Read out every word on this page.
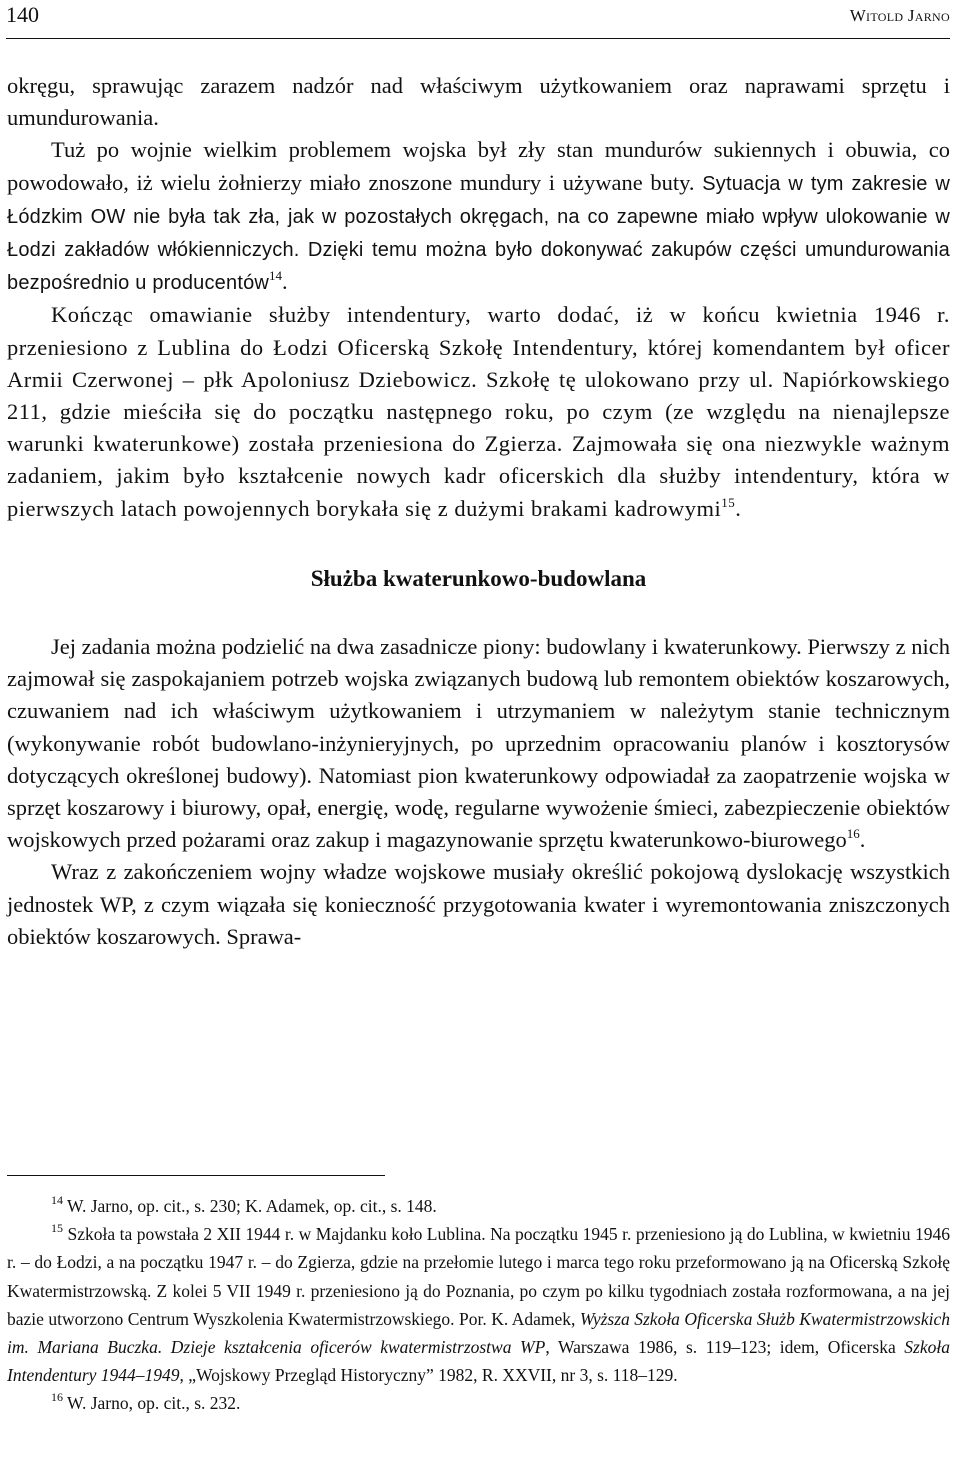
140	Witold Jarno

okręgu, sprawując zarazem nadzór nad właściwym użytkowaniem oraz naprawami sprzętu i umundurowania.

Tuż po wojnie wielkim problemem wojska był zły stan mundurów sukiennych i obuwia, co powodowało, iż wielu żołnierzy miało znoszone mundury i używane buty. Sytuacja w tym zakresie w Łódzkim OW nie była tak zła, jak w pozostałych okręgach, na co zapewne miało wpływ ulokowanie w Łodzi zakładów włókienniczych. Dzięki temu można było dokonywać zakupów części umundurowania bezpośrednio u producentów$^{14}$.

Kończąc omawianie służby intendentury, warto dodać, iż w końcu kwietnia 1946 r. przeniesiono z Lublina do Łodzi Oficerską Szkołę Intendentury, której komendantem był oficer Armii Czerwonej – płk Apoloniusz Dziebowicz. Szkołę tę ulokowano przy ul. Napiórkowskiego 211, gdzie mieściła się do początku następnego roku, po czym (ze względu na nienajlepsze warunki kwaterunkowe) została przeniesiona do Zgierza. Zajmowała się ona niezwykle ważnym zadaniem, jakim było kształcenie nowych kadr oficerskich dla służby intendentury, która w pierwszych latach powojennych borykała się z dużymi brakami kadrowymi$^{15}$.

Służba kwaterunkowo-budowlana

Jej zadania można podzielić na dwa zasadnicze piony: budowlany i kwaterunkowy. Pierwszy z nich zajmował się zaspokajaniem potrzeb wojska związanych budową lub remontem obiektów koszarowych, czuwaniem nad ich właściwym użytkowaniem i utrzymaniem w należytym stanie technicznym (wykonywanie robót budowlano-inżynieryjnych, po uprzednim opracowaniu planów i kosztorysów dotyczących określonej budowy). Natomiast pion kwaterunkowy odpowiadał za zaopatrzenie wojska w sprzęt koszarowy i biurowy, opał, energię, wodę, regularne wywożenie śmieci, zabezpieczenie obiektów wojskowych przed pożarami oraz zakup i magazynowanie sprzętu kwaterunkowo-biurowego$^{16}$.

Wraz z zakończeniem wojny władze wojskowe musiały określić pokojową dyslokację wszystkich jednostek WP, z czym wiązała się konieczność przygotowania kwater i wyremontowania zniszczonych obiektów koszarowych. Sprawa-

$^{14}$ W. Jarno, op. cit., s. 230; K. Adamek, op. cit., s. 148.

$^{15}$ Szkoła ta powstała 2 XII 1944 r. w Majdanku koło Lublina. Na początku 1945 r. przeniesiono ją do Lublina, w kwietniu 1946 r. – do Łodzi, a na początku 1947 r. – do Zgierza, gdzie na przełomie lutego i marca tego roku przeformowano ją na Oficerską Szkołę Kwatermistrzowską. Z kolei 5 VII 1949 r. przeniesiono ją do Poznania, po czym po kilku tygodniach została rozformowana, a na jej bazie utworzono Centrum Wyszkolenia Kwatermistrzowskiego. Por. K. Adamek, Wyższa Szkoła Oficerska Służb Kwatermistrzowskich im. Mariana Buczka. Dzieje kształcenia oficerów kwatermistrzostwa WP, Warszawa 1986, s. 119–123; idem, Oficerska Szkoła Intendentury 1944–1949, „Wojskowy Przegląd Historyczny” 1982, R. XXVII, nr 3, s. 118–129.

$^{16}$ W. Jarno, op. cit., s. 232.
